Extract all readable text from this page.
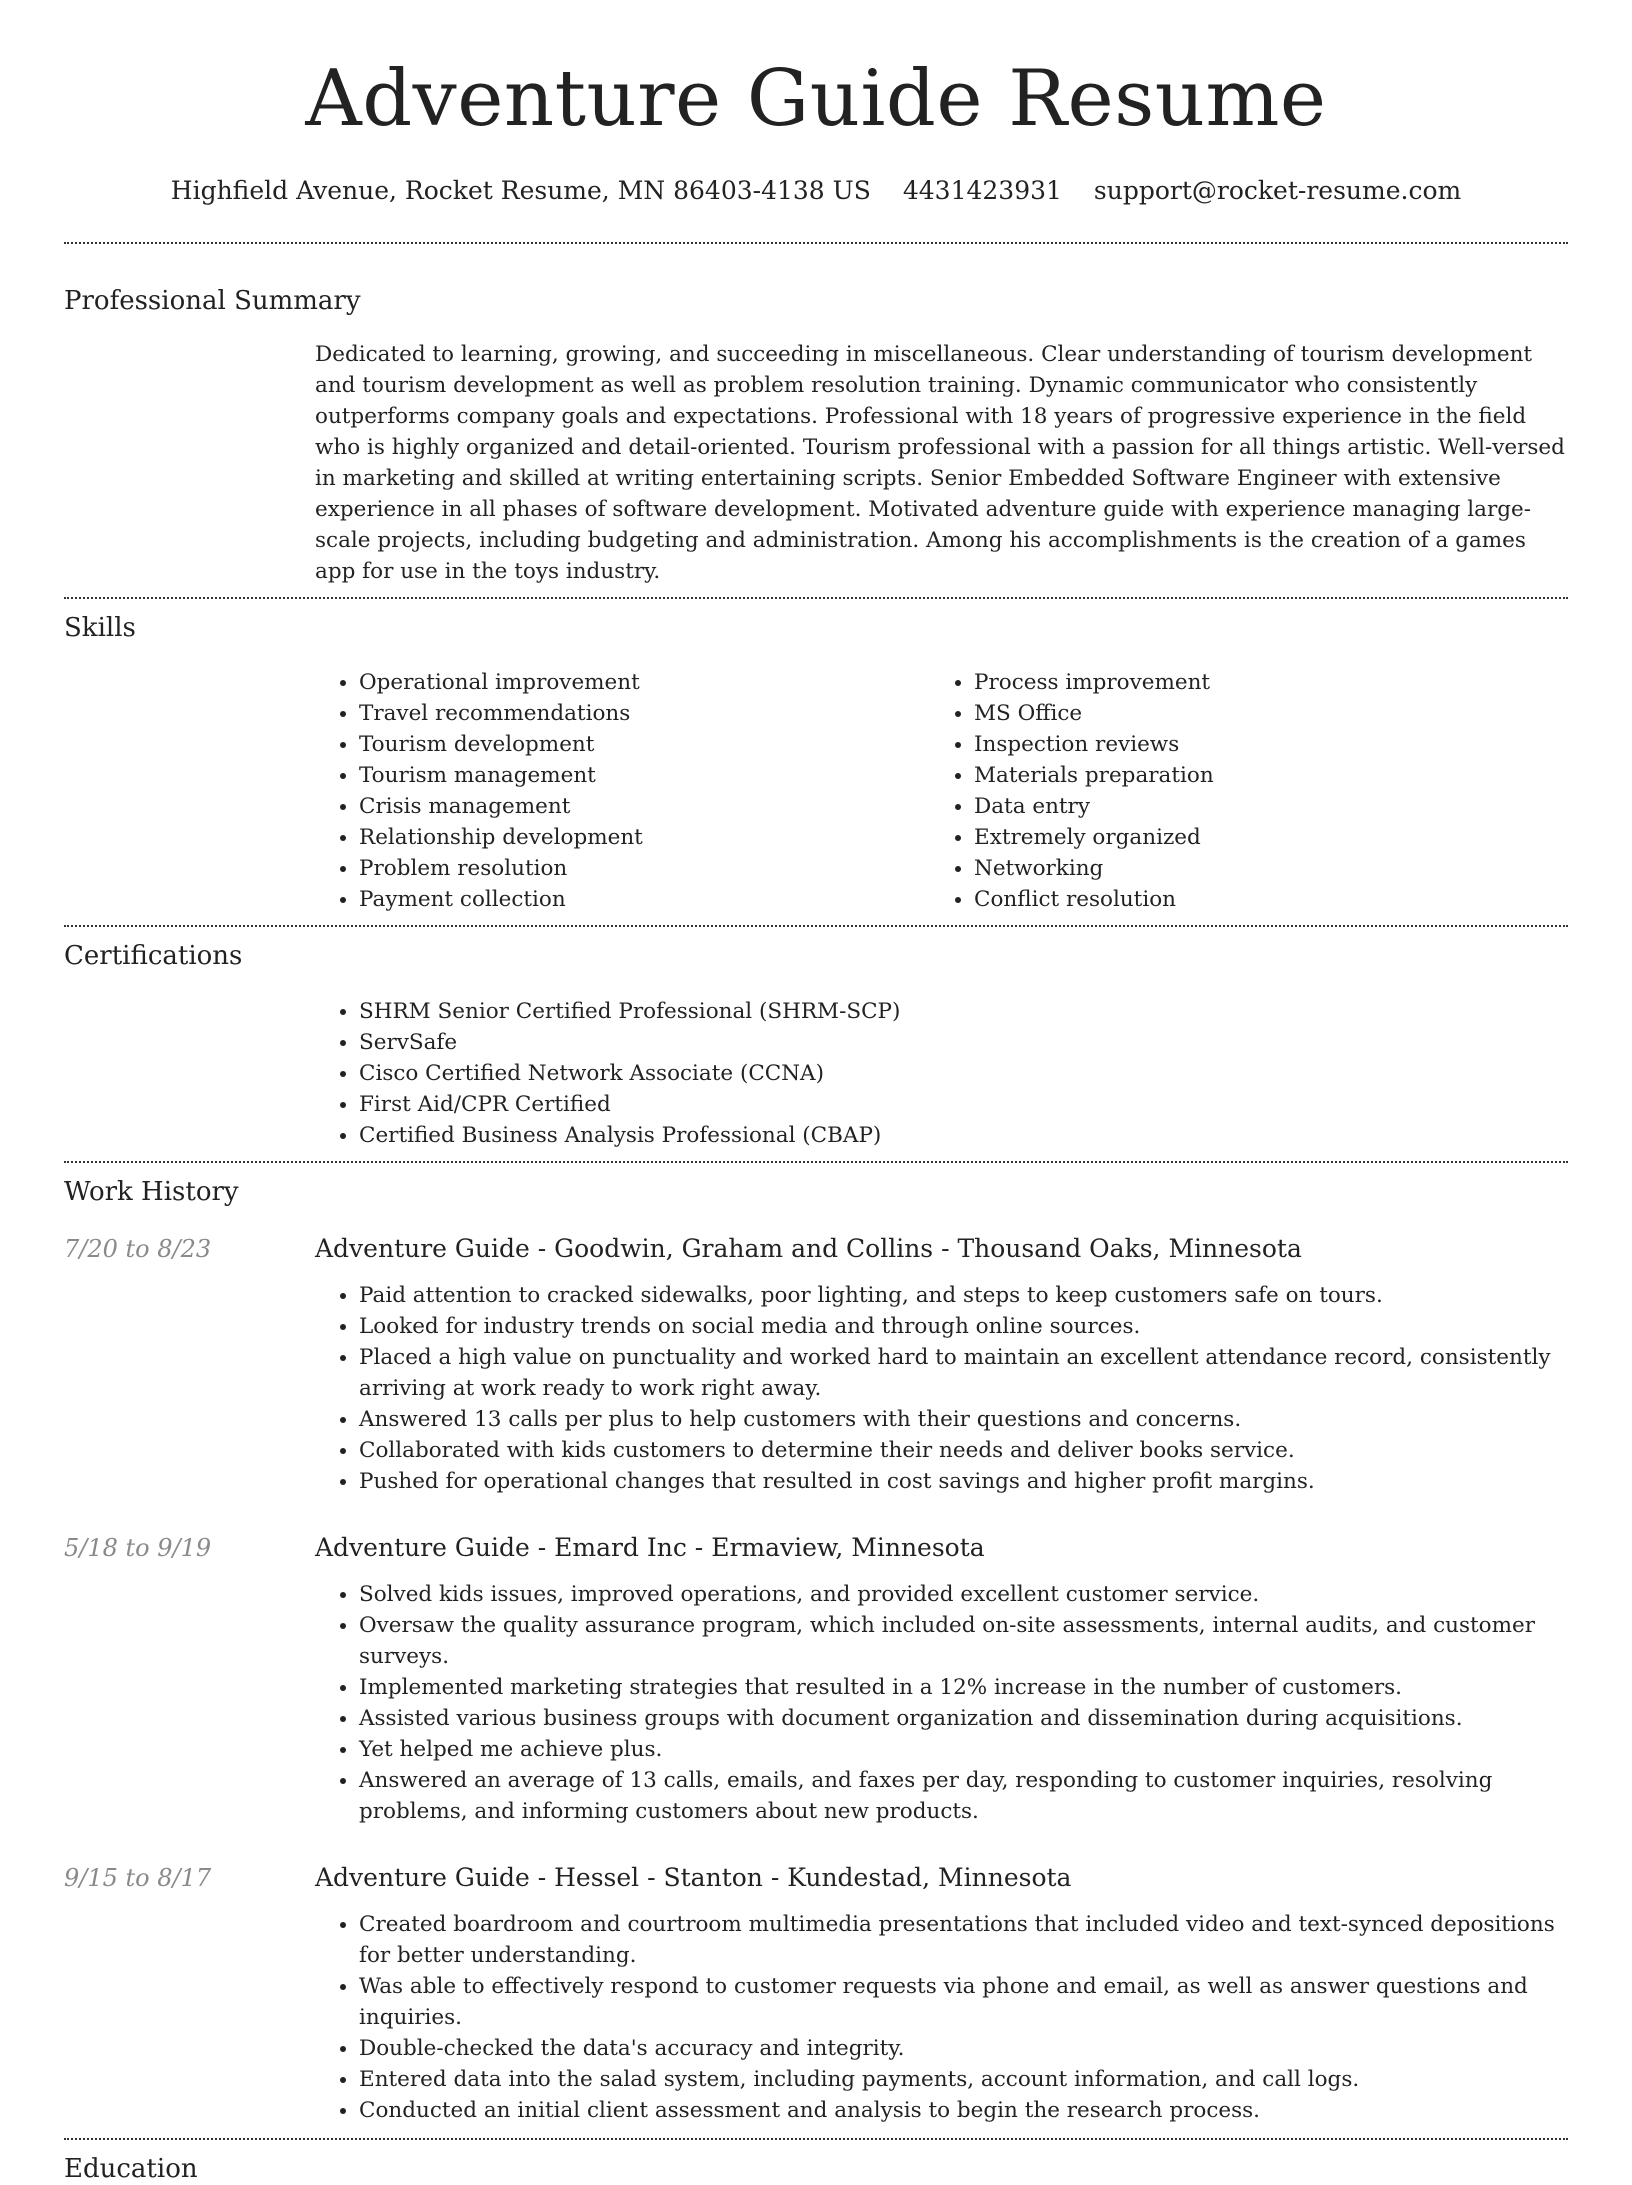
Adventure Guide Resume
Highfield Avenue, Rocket Resume, MN 86403-4138 US 4431423931 support@rocket-resume.com
Professional Summary
Dedicated to learning, growing, and succeeding in miscellaneous. Clear understanding of tourism development and tourism development as well as problem resolution training. Dynamic communicator who consistently outperforms company goals and expectations. Professional with 18 years of progressive experience in the field who is highly organized and detail-oriented. Tourism professional with a passion for all things artistic. Well-versed in marketing and skilled at writing entertaining scripts. Senior Embedded Software Engineer with extensive experience in all phases of software development. Motivated adventure guide with experience managing large-scale projects, including budgeting and administration. Among his accomplishments is the creation of a games app for use in the toys industry.
Skills
• Operational improvement
• Travel recommendations
• Tourism development
• Tourism management
• Crisis management
• Relationship development
• Problem resolution
• Payment collection
• Process improvement
• MS Office
• Inspection reviews
• Materials preparation
• Data entry
• Extremely organized
• Networking
• Conflict resolution
Certifications
• SHRM Senior Certified Professional (SHRM-SCP)
• ServSafe
• Cisco Certified Network Associate (CCNA)
• First Aid/CPR Certified
• Certified Business Analysis Professional (CBAP)
Work History
7/20 to 8/23	Adventure Guide - Goodwin, Graham and Collins - Thousand Oaks, Minnesota
• Paid attention to cracked sidewalks, poor lighting, and steps to keep customers safe on tours.
• Looked for industry trends on social media and through online sources.
• Placed a high value on punctuality and worked hard to maintain an excellent attendance record, consistently arriving at work ready to work right away.
• Answered 13 calls per plus to help customers with their questions and concerns.
• Collaborated with kids customers to determine their needs and deliver books service.
• Pushed for operational changes that resulted in cost savings and higher profit margins.
5/18 to 9/19	Adventure Guide - Emard Inc - Ermaview, Minnesota
• Solved kids issues, improved operations, and provided excellent customer service.
• Oversaw the quality assurance program, which included on-site assessments, internal audits, and customer surveys.
• Implemented marketing strategies that resulted in a 12% increase in the number of customers.
• Assisted various business groups with document organization and dissemination during acquisitions.
• Yet helped me achieve plus.
• Answered an average of 13 calls, emails, and faxes per day, responding to customer inquiries, resolving problems, and informing customers about new products.
9/15 to 8/17	Adventure Guide - Hessel - Stanton - Kundestad, Minnesota
• Created boardroom and courtroom multimedia presentations that included video and text-synced depositions for better understanding.
• Was able to effectively respond to customer requests via phone and email, as well as answer questions and inquiries.
• Double-checked the data's accuracy and integrity.
• Entered data into the salad system, including payments, account information, and call logs.
• Conducted an initial client assessment and analysis to begin the research process.
Education
